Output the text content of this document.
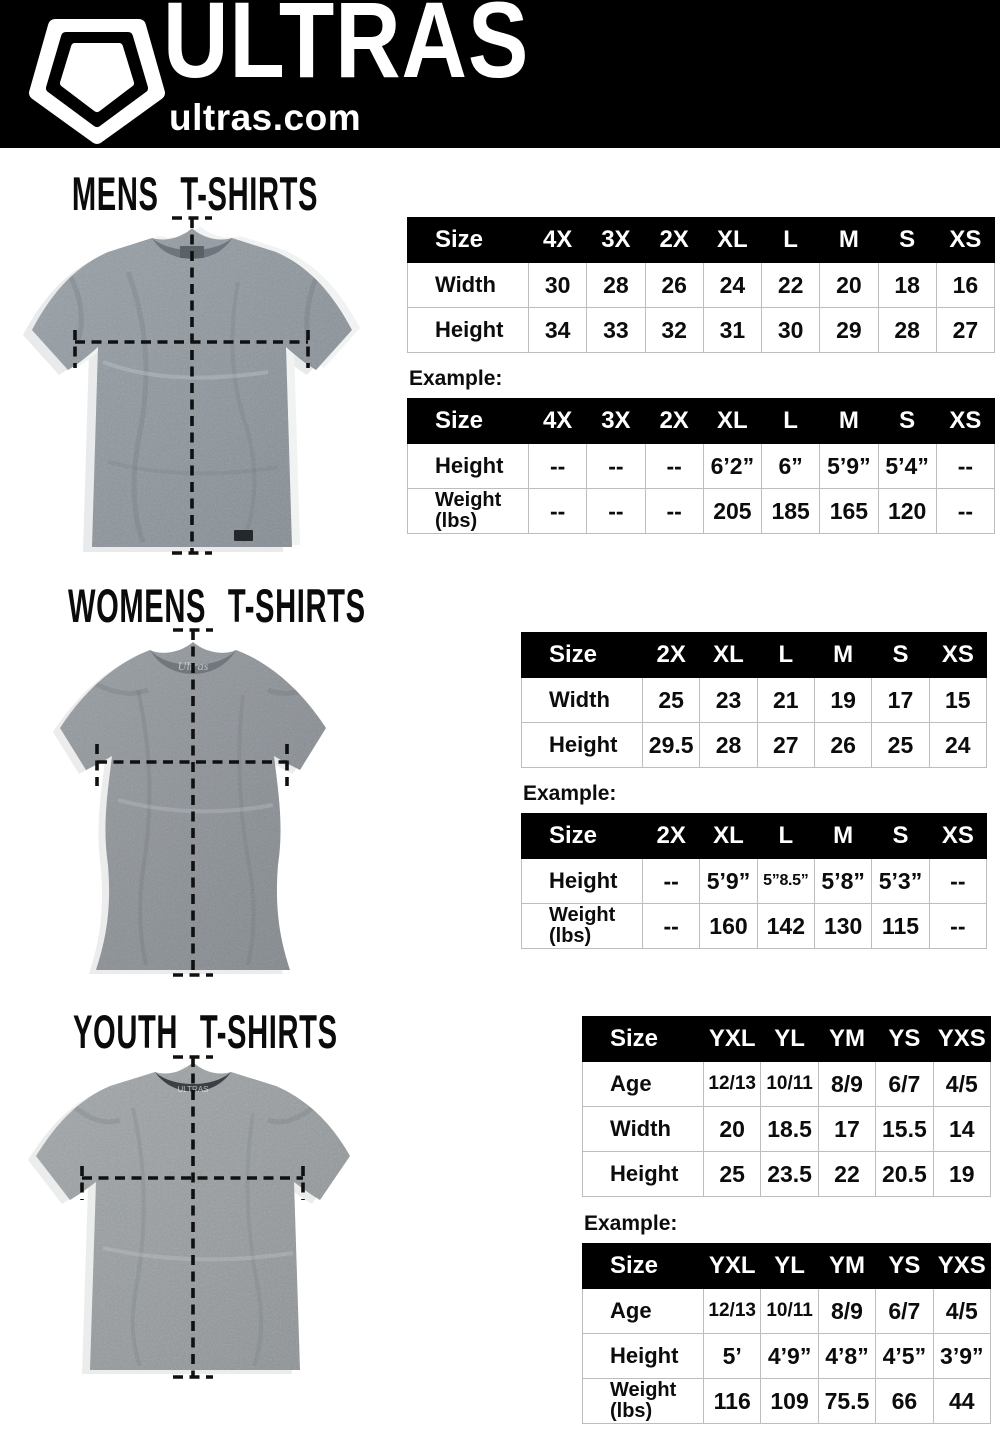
ULTRAS
ultras.com
MENS T-SHIRTS
WOMENS T-SHIRTS
YOUTH T-SHIRTS
Ultras
ULTRAS
Size	4X	3X	2X	XL	L	M	S	XS
Width	30	28	26	24	22	20	18	16
Height	34	33	32	31	30	29	28	27
Example:
Size	4X	3X	2X	XL	L	M	S	XS
Height	--	--	--	6’2”	6”	5’9”	5’4”	--
Weight (lbs)	--	--	--	205	185	165	120	--
Size	2X	XL	L	M	S	XS
Width	25	23	21	19	17	15
Height	29.5	28	27	26	25	24
Example:
Size	2X	XL	L	M	S	XS
Height	--	5’9”	5”8.5”	5’8”	5’3”	--
Weight (lbs)	--	160	142	130	115	--
Size	YXL	YL	YM	YS	YXS
Age	12/13	10/11	8/9	6/7	4/5
Width	20	18.5	17	15.5	14
Height	25	23.5	22	20.5	19
Example:
Size	YXL	YL	YM	YS	YXS
Age	12/13	10/11	8/9	6/7	4/5
Height	5’	4’9”	4’8”	4’5”	3’9”
Weight (lbs)	116	109	75.5	66	44
